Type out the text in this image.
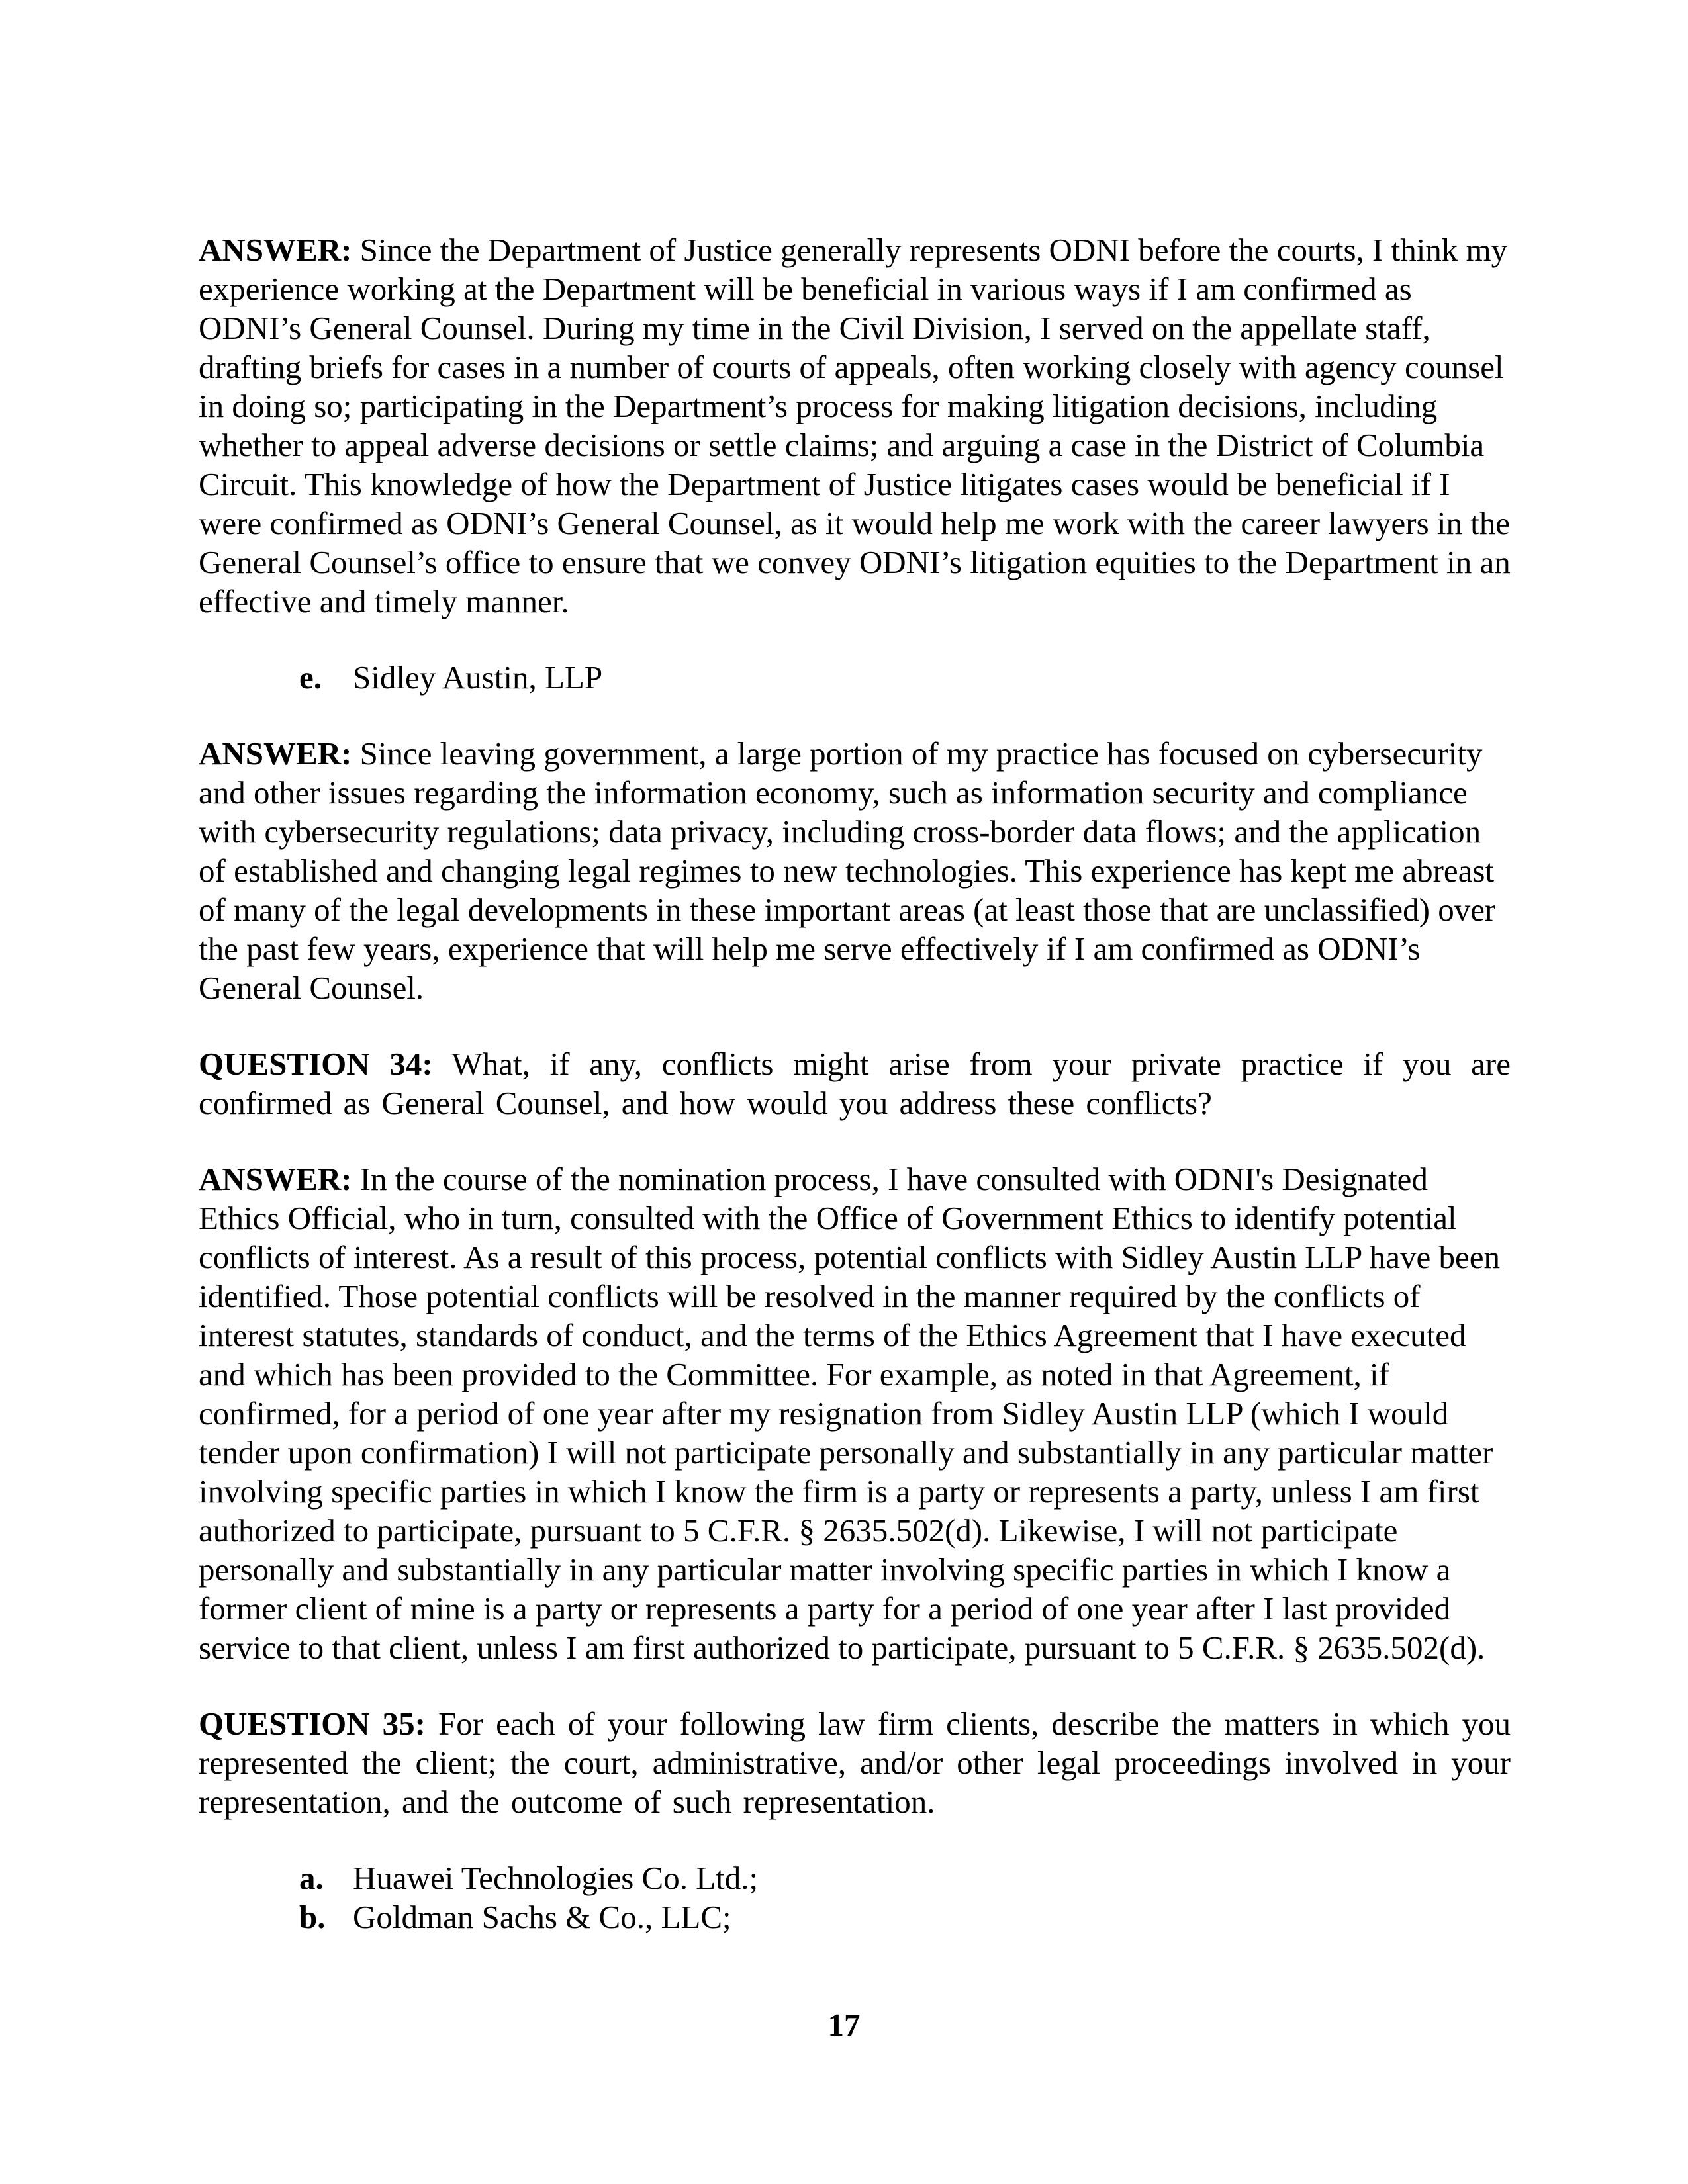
ANSWER: Since the Department of Justice generally represents ODNI before the courts, I think my experience working at the Department will be beneficial in various ways if I am confirmed as ODNI’s General Counsel. During my time in the Civil Division, I served on the appellate staff, drafting briefs for cases in a number of courts of appeals, often working closely with agency counsel in doing so; participating in the Department’s process for making litigation decisions, including whether to appeal adverse decisions or settle claims; and arguing a case in the District of Columbia Circuit. This knowledge of how the Department of Justice litigates cases would be beneficial if I were confirmed as ODNI’s General Counsel, as it would help me work with the career lawyers in the General Counsel’s office to ensure that we convey ODNI’s litigation equities to the Department in an effective and timely manner.

e. Sidley Austin, LLP

ANSWER: Since leaving government, a large portion of my practice has focused on cybersecurity and other issues regarding the information economy, such as information security and compliance with cybersecurity regulations; data privacy, including cross-border data flows; and the application of established and changing legal regimes to new technologies. This experience has kept me abreast of many of the legal developments in these important areas (at least those that are unclassified) over the past few years, experience that will help me serve effectively if I am confirmed as ODNI’s General Counsel.

QUESTION 34: What, if any, conflicts might arise from your private practice if you are confirmed as General Counsel, and how would you address these conflicts?

ANSWER: In the course of the nomination process, I have consulted with ODNI's Designated Ethics Official, who in turn, consulted with the Office of Government Ethics to identify potential conflicts of interest. As a result of this process, potential conflicts with Sidley Austin LLP have been identified. Those potential conflicts will be resolved in the manner required by the conflicts of interest statutes, standards of conduct, and the terms of the Ethics Agreement that I have executed and which has been provided to the Committee. For example, as noted in that Agreement, if confirmed, for a period of one year after my resignation from Sidley Austin LLP (which I would tender upon confirmation) I will not participate personally and substantially in any particular matter involving specific parties in which I know the firm is a party or represents a party, unless I am first authorized to participate, pursuant to 5 C.F.R. § 2635.502(d). Likewise, I will not participate personally and substantially in any particular matter involving specific parties in which I know a former client of mine is a party or represents a party for a period of one year after I last provided service to that client, unless I am first authorized to participate, pursuant to 5 C.F.R. § 2635.502(d).

QUESTION 35: For each of your following law firm clients, describe the matters in which you represented the client; the court, administrative, and/or other legal proceedings involved in your representation, and the outcome of such representation.

a. Huawei Technologies Co. Ltd.;
b. Goldman Sachs & Co., LLC;
17
